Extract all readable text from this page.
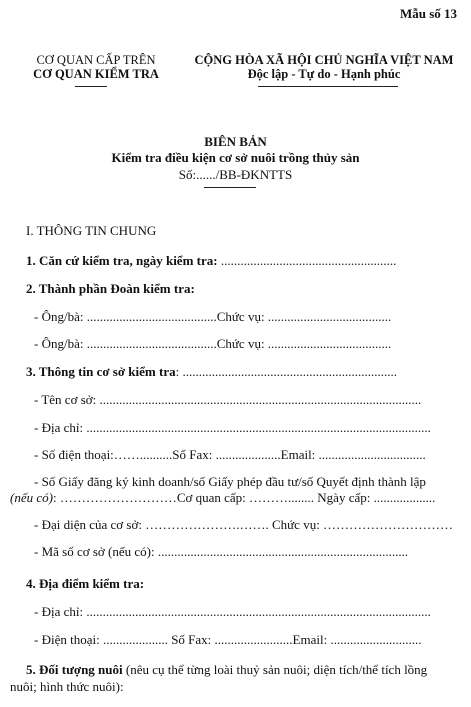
Mẫu số 13
CƠ QUAN CẤP TRÊN
CƠ QUAN KIỂM TRA
CỘNG HÒA XÃ HỘI CHỦ NGHĨA VIỆT NAM
Độc lập - Tự do - Hạnh phúc
BIÊN BẢN
Kiểm tra điều kiện cơ sở nuôi trồng thủy sản
Số:....../BB-ĐKNTTS
I. THÔNG TIN CHUNG
1. Căn cứ kiểm tra, ngày kiểm tra: ......................................................
2. Thành phần Đoàn kiểm tra:
- Ông/bà: ........................................Chức vụ: ......................................
- Ông/bà: ........................................Chức vụ: ......................................
3. Thông tin cơ sở kiểm tra: ..................................................................
- Tên cơ sở: ...................................................................................................
- Địa chỉ: ..........................................................................................................
- Số điện thoại:……..........Số Fax: ....................Email: .................................
- Số Giấy đăng ký kinh doanh/số Giấy phép đầu tư/số Quyết định thành lập
(nếu có): ………………………Cơ quan cấp: ………........ Ngày cấp: ...................
- Đại diện của cơ sở: ………………….……. Chức vụ: …………………………
- Mã số cơ sở (nếu có): .............................................................................
4. Địa điểm kiểm tra:
- Địa chỉ: ..........................................................................................................
- Điện thoại: .................... Số Fax: ........................Email: ............................
5. Đối tượng nuôi (nêu cụ thể từng loài thuỷ sản nuôi; diện tích/thể tích lồng
nuôi; hình thức nuôi):
